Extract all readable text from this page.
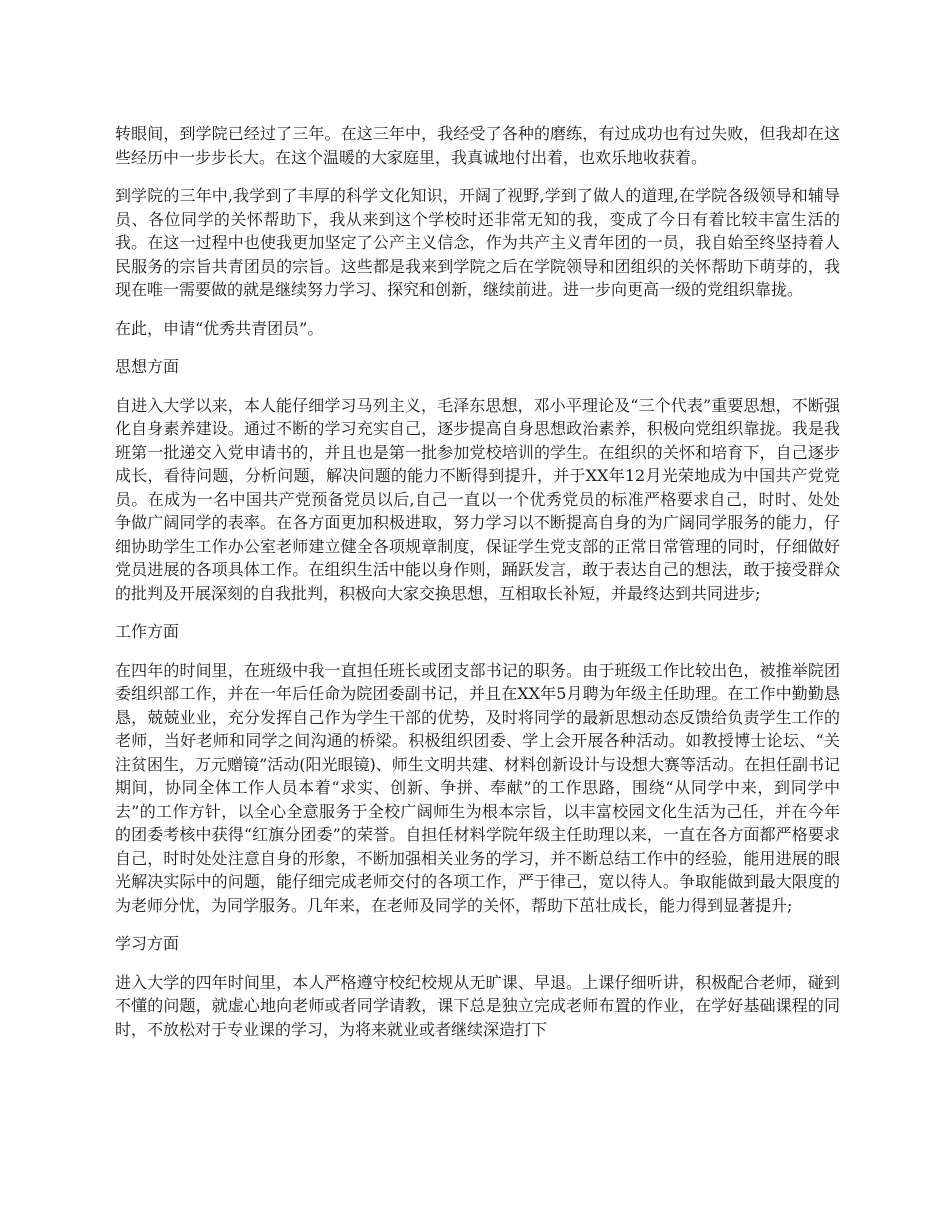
转眼间，到学院已经过了三年。在这三年中，我经受了各种的磨练，有过成功也有过失败，但我却在这些经历中一步步长大。在这个温暖的大家庭里，我真诚地付出着，也欢乐地收获着。

到学院的三年中,我学到了丰厚的科学文化知识，开阔了视野,学到了做人的道理,在学院各级领导和辅导员、各位同学的关怀帮助下，我从来到这个学校时还非常无知的我，变成了今日有着比较丰富生活的我。在这一过程中也使我更加坚定了公产主义信念，作为共产主义青年团的一员，我自始至终坚持着人民服务的宗旨共青团员的宗旨。这些都是我来到学院之后在学院领导和团组织的关怀帮助下萌芽的，我现在唯一需要做的就是继续努力学习、探究和创新，继续前进。进一步向更高一级的党组织靠拢。

在此，申请“优秀共青团员”。

思想方面

自进入大学以来，本人能仔细学习马列主义，毛泽东思想，邓小平理论及“三个代表”重要思想，不断强化自身素养建设。通过不断的学习充实自己，逐步提高自身思想政治素养，积极向党组织靠拢。我是我班第一批递交入党申请书的，并且也是第一批参加党校培训的学生。在组织的关怀和培育下，自己逐步成长，看待问题，分析问题，解决问题的能力不断得到提升，并于XX年12月光荣地成为中国共产党党员。在成为一名中国共产党预备党员以后,自己一直以一个优秀党员的标准严格要求自己，时时、处处争做广阔同学的表率。在各方面更加积极进取，努力学习以不断提高自身的为广阔同学服务的能力，仔细协助学生工作办公室老师建立健全各项规章制度，保证学生党支部的正常日常管理的同时，仔细做好党员进展的各项具体工作。在组织生活中能以身作则，踊跃发言，敢于表达自己的想法，敢于接受群众的批判及开展深刻的自我批判，积极向大家交换思想，互相取长补短，并最终达到共同进步;

工作方面

在四年的时间里，在班级中我一直担任班长或团支部书记的职务。由于班级工作比较出色，被推举院团委组织部工作，并在一年后任命为院团委副书记，并且在XX年5月聘为年级主任助理。在工作中勤勤恳恳，兢兢业业，充分发挥自己作为学生干部的优势，及时将同学的最新思想动态反馈给负责学生工作的老师，当好老师和同学之间沟通的桥梁。积极组织团委、学上会开展各种活动。如教授博士论坛、“关注贫困生，万元赠镜”活动(阳光眼镜)、师生文明共建、材料创新设计与设想大赛等活动。在担任副书记期间，协同全体工作人员本着“求实、创新、争拼、奉献”的工作思路，围绕“从同学中来，到同学中去”的工作方针，以全心全意服务于全校广阔师生为根本宗旨，以丰富校园文化生活为己任，并在今年的团委考核中获得“红旗分团委”的荣誉。自担任材料学院年级主任助理以来，一直在各方面都严格要求自己，时时处处注意自身的形象，不断加强相关业务的学习，并不断总结工作中的经验，能用进展的眼光解决实际中的问题，能仔细完成老师交付的各项工作，严于律己，宽以待人。争取能做到最大限度的为老师分忧，为同学服务。几年来，在老师及同学的关怀，帮助下茁壮成长，能力得到显著提升;

学习方面

进入大学的四年时间里，本人严格遵守校纪校规从无旷课、早退。上课仔细听讲，积极配合老师，碰到不懂的问题，就虚心地向老师或者同学请教，课下总是独立完成老师布置的作业，在学好基础课程的同时，不放松对于专业课的学习，为将来就业或者继续深造打下
